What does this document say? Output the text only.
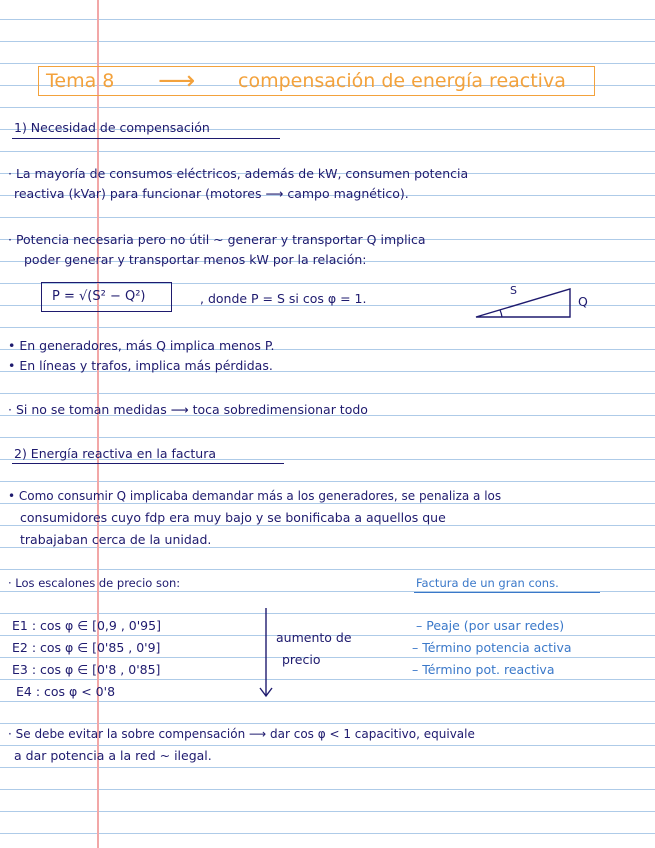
Tema 8 ⟶ compensación de energía reactiva
1) Necesidad de compensación
· La mayoría de consumos eléctricos, además de kW, consumen potencia
reactiva (kVar) para funcionar (motores ⟶ campo magnético).
· Potencia necesaria pero no útil ~ generar y transportar Q implica
poder generar y transportar menos kW por la relación:
P = √(S² − Q²)	, donde P = S si cos φ = 1.
S
Q
• En generadores, más Q implica menos P.
• En líneas y trafos, implica más pérdidas.
· Si no se toman medidas ⟶ toca sobredimensionar todo
2) Energía reactiva en la factura
• Como consumir Q implicaba demandar más a los generadores, se penaliza a los
consumidores cuyo fdp era muy bajo y se bonificaba a aquellos que
trabajaban cerca de la unidad.
· Los escalones de precio son:	Factura de un gran cons.
E1 : cos φ ∈ [0,9 , 0'95]
E2 : cos φ ∈ [0'85 , 0'9]
E3 : cos φ ∈ [0'8 , 0'85]
E4 : cos φ < 0'8
aumento de
precio
– Peaje (por usar redes)
– Término potencia activa
– Término pot. reactiva
· Se debe evitar la sobre compensación ⟶ dar cos φ < 1 capacitivo, equivale
a dar potencia a la red ~ ilegal.
